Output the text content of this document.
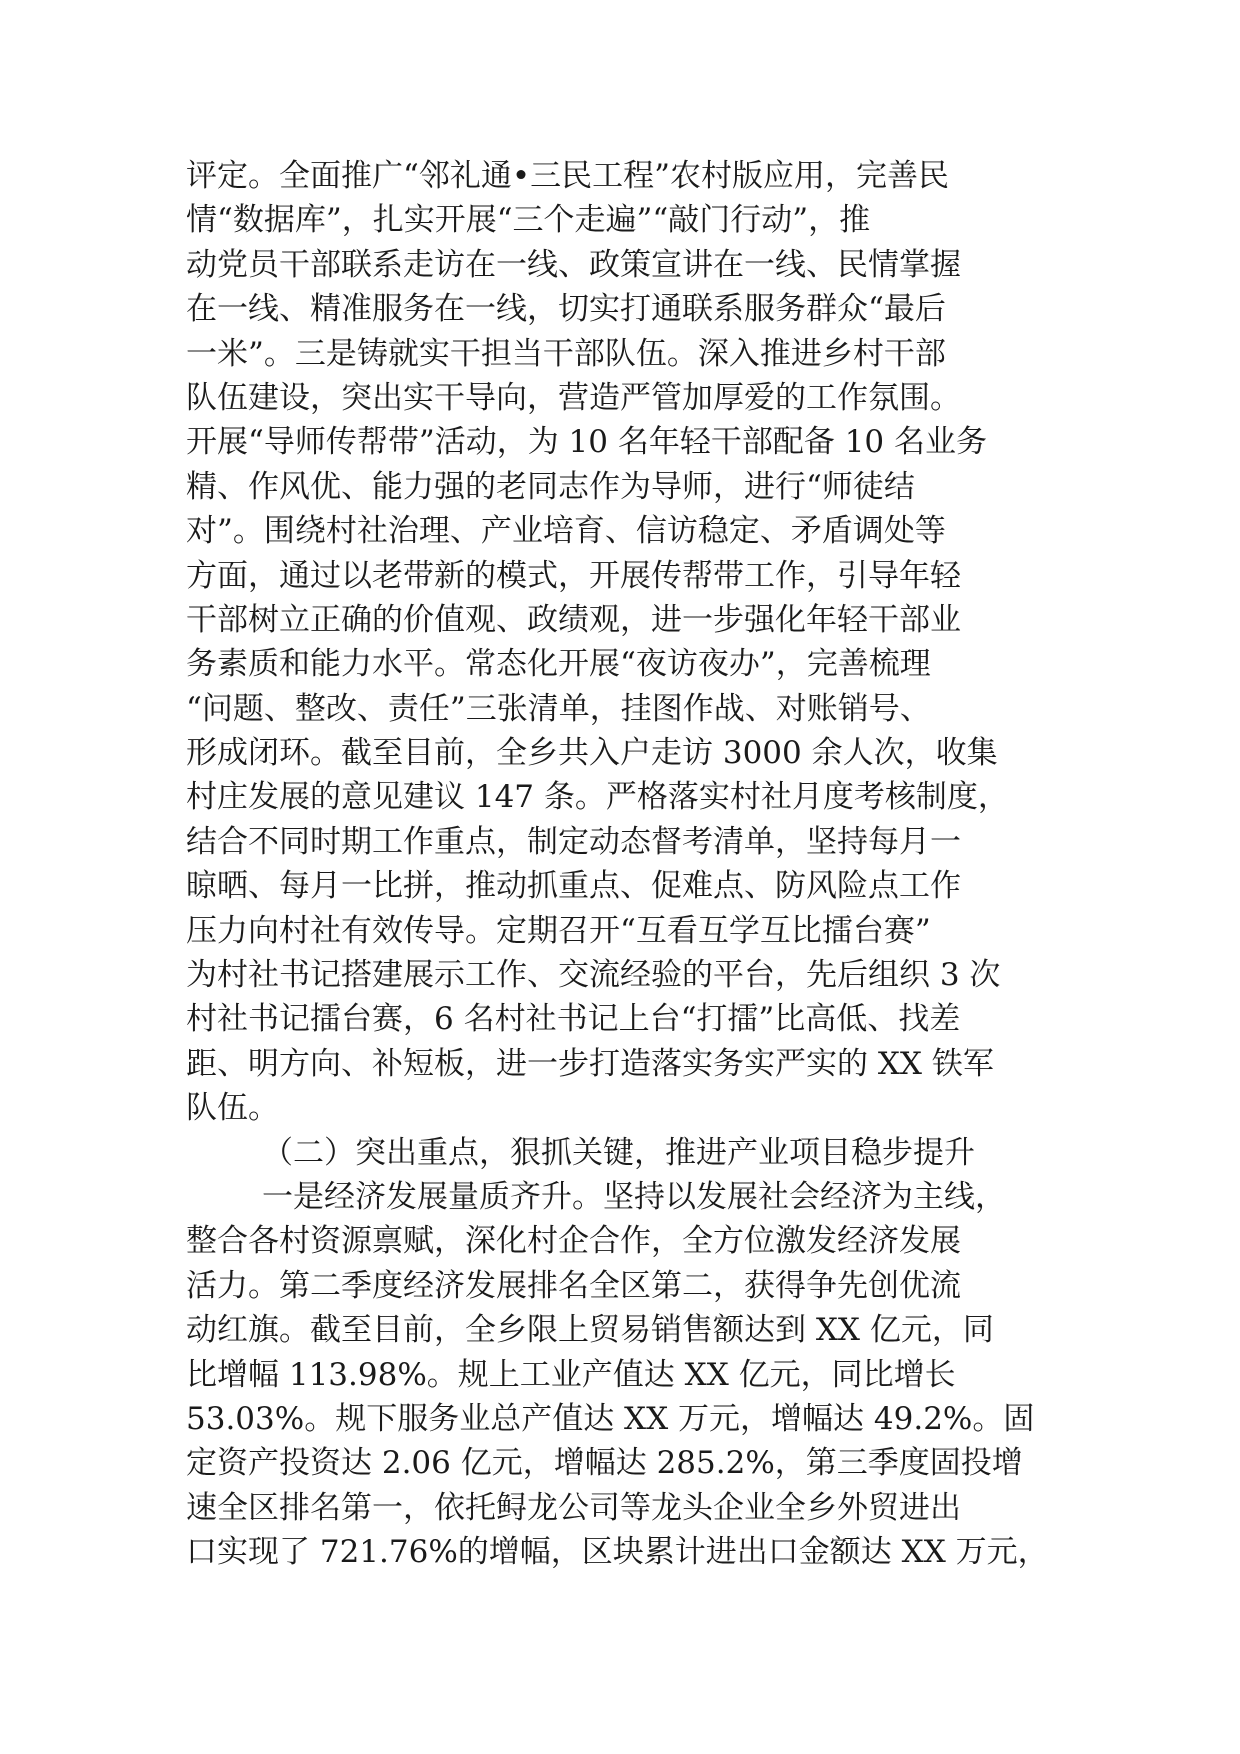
评定。全面推广“邻礼通•三民工程”农村版应用，完善民
情“数据库”，扎实开展“三个走遍”“敲门行动”，推
动党员干部联系走访在一线、政策宣讲在一线、民情掌握
在一线、精准服务在一线，切实打通联系服务群众“最后
一米”。三是铸就实干担当干部队伍。深入推进乡村干部
队伍建设，突出实干导向，营造严管加厚爱的工作氛围。
开展“导师传帮带”活动，为 10 名年轻干部配备 10 名业务
精、作风优、能力强的老同志作为导师，进行“师徒结
对”。围绕村社治理、产业培育、信访稳定、矛盾调处等
方面，通过以老带新的模式，开展传帮带工作，引导年轻
干部树立正确的价值观、政绩观，进一步强化年轻干部业
务素质和能力水平。常态化开展“夜访夜办”，完善梳理
“问题、整改、责任”三张清单，挂图作战、对账销号、
形成闭环。截至目前，全乡共入户走访 3000 余人次，收集
村庄发展的意见建议 147 条。严格落实村社月度考核制度，
结合不同时期工作重点，制定动态督考清单，坚持每月一
晾晒、每月一比拼，推动抓重点、促难点、防风险点工作
压力向村社有效传导。定期召开“互看互学互比擂台赛”
为村社书记搭建展示工作、交流经验的平台，先后组织 3 次
村社书记擂台赛，6 名村社书记上台“打擂”比高低、找差
距、明方向、补短板，进一步打造落实务实严实的 XX 铁军
队伍。
（二）突出重点，狠抓关键，推进产业项目稳步提升
一是经济发展量质齐升。坚持以发展社会经济为主线，
整合各村资源禀赋，深化村企合作，全方位激发经济发展
活力。第二季度经济发展排名全区第二，获得争先创优流
动红旗。截至目前，全乡限上贸易销售额达到 XX 亿元，同
比增幅 113.98%。规上工业产值达 XX 亿元，同比增长
53.03%。规下服务业总产值达 XX 万元，增幅达 49.2%。固
定资产投资达 2.06 亿元，增幅达 285.2%，第三季度固投增
速全区排名第一，依托鲟龙公司等龙头企业全乡外贸进出
口实现了 721.76%的增幅，区块累计进出口金额达 XX 万元，
